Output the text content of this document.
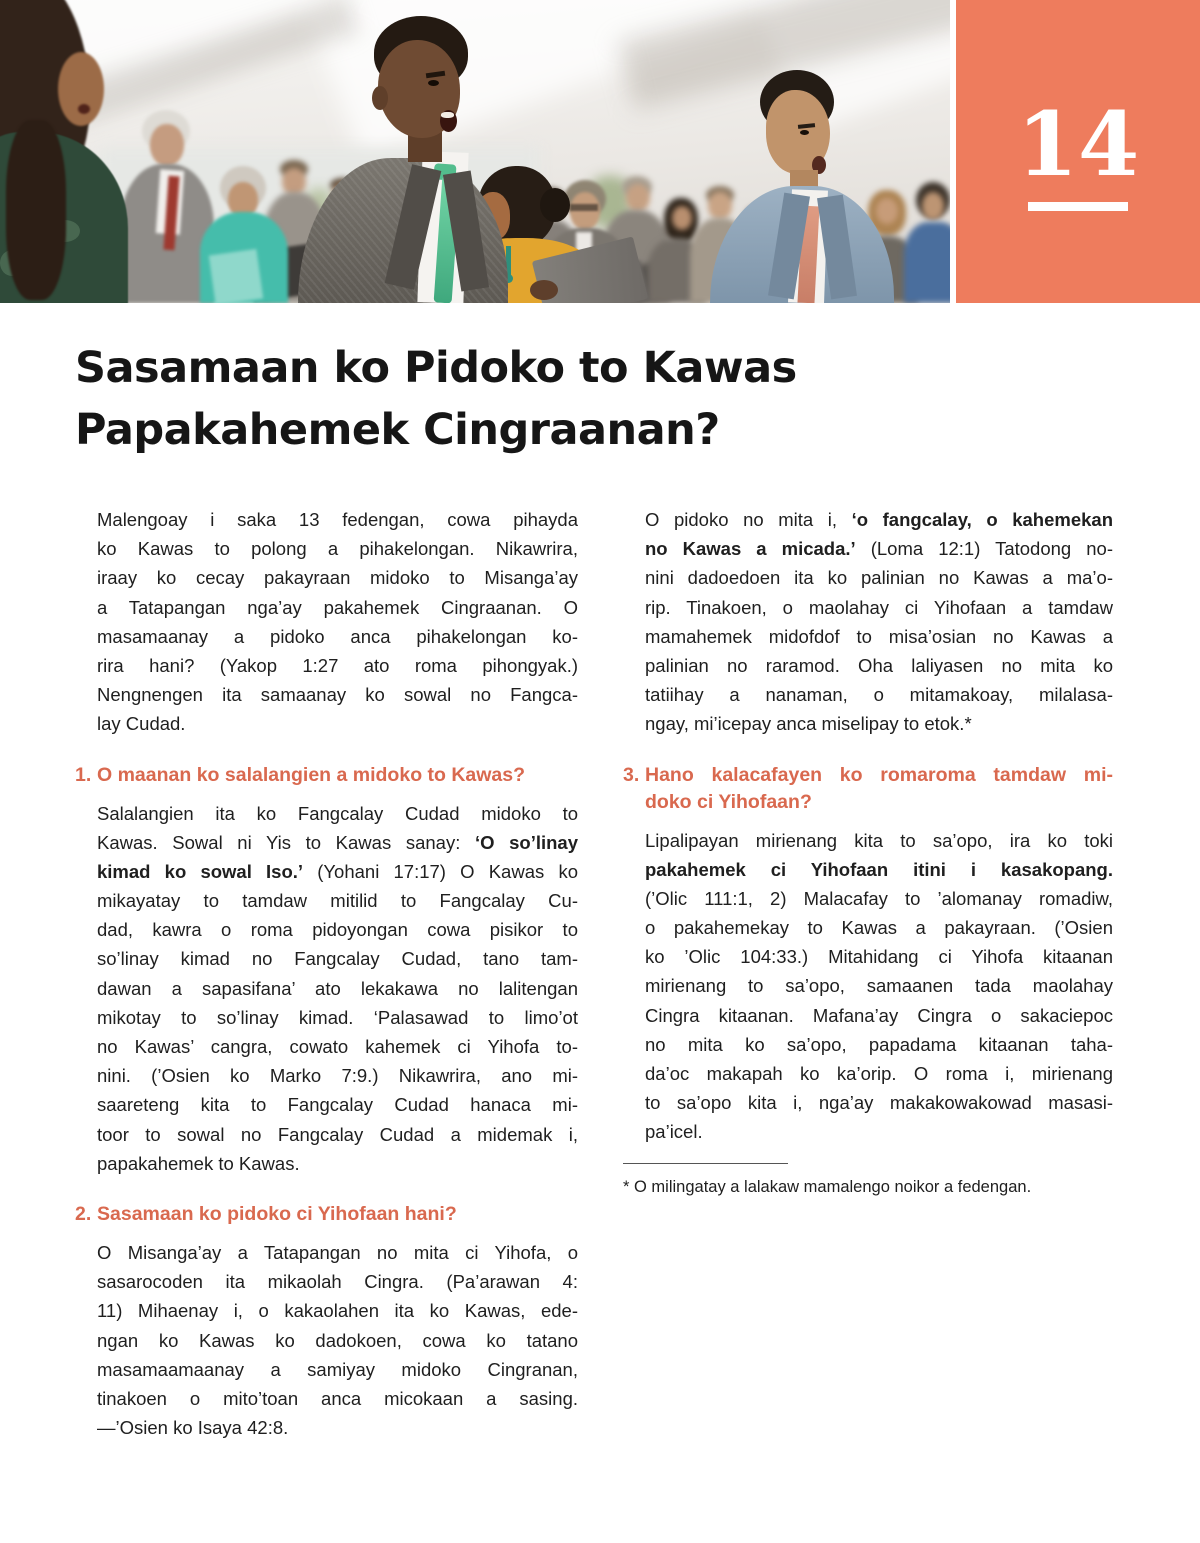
14
Sasamaan ko Pidoko to Kawas
Papakahemek Cingraanan?
Malengoay i saka 13 fedengan, cowa pihayda
ko Kawas to polong a pihakelongan. Nikawrira,
iraay ko cecay pakayraan midoko to Misanga’ay
a Tatapangan nga’ay pakahemek Cingraanan. O
masamaanay a pidoko anca pihakelongan ko-
rira hani? (Yakop 1:27 ato roma pihongyak.)
Nengnengen ita samaanay ko sowal no Fangca-
lay Cudad.
1. O maanan ko salalangien a midoko to Kawas?
Salalangien ita ko Fangcalay Cudad midoko to
Kawas. Sowal ni Yis to Kawas sanay: ‘O so’linay
kimad ko sowal Iso.’ (Yohani 17:17) O Kawas ko
mikayatay to tamdaw mitilid to Fangcalay Cu-
dad, kawra o roma pidoyongan cowa pisikor to
so’linay kimad no Fangcalay Cudad, tano tam-
dawan a sapasifana’ ato lekakawa no lalitengan
mikotay to so’linay kimad. ‘Palasawad to limo’ot
no Kawas’ cangra, cowato kahemek ci Yihofa to-
nini. (’Osien ko Marko 7:9.) Nikawrira, ano mi-
saareteng kita to Fangcalay Cudad hanaca mi-
toor to sowal no Fangcalay Cudad a midemak i,
papakahemek to Kawas.
2. Sasamaan ko pidoko ci Yihofaan hani?
O Misanga’ay a Tatapangan no mita ci Yihofa, o
sasarocoden ita mikaolah Cingra. (Pa’arawan 4:
11) Mihaenay i, o kakaolahen ita ko Kawas, ede-
ngan ko Kawas ko dadokoen, cowa ko tatano
masamaamaanay a samiyay midoko Cingranan,
tinakoen o mito’toan anca micokaan a sasing.
—’Osien ko Isaya 42:8.
O pidoko no mita i, ‘o fangcalay, o kahemekan
no Kawas a micada.’ (Loma 12:1) Tatodong no-
nini dadoedoen ita ko palinian no Kawas a ma’o-
rip. Tinakoen, o maolahay ci Yihofaan a tamdaw
mamahemek midofdof to misa’osian no Kawas a
palinian no raramod. Oha laliyasen no mita ko
tatiihay a nanaman, o mitamakoay, milalasa-
ngay, mi’icepay anca miselipay to etok.*
3. Hano kalacafayen ko romaroma tamdaw mi-
doko ci Yihofaan?
Lipalipayan mirienang kita to sa’opo, ira ko toki
pakahemek ci Yihofaan itini i kasakopang.
(’Olic 111:1, 2) Malacafay to ’alomanay romadiw,
o pakahemekay to Kawas a pakayraan. (’Osien
ko ’Olic 104:33.) Mitahidang ci Yihofa kitaanan
mirienang to sa’opo, samaanen tada maolahay
Cingra kitaanan. Mafana’ay Cingra o sakaciepoc
no mita ko sa’opo, papadama kitaanan taha-
da’oc makapah ko ka’orip. O roma i, mirienang
to sa’opo kita i, nga’ay makakowakowad masasi-
pa’icel.
* O milingatay a lalakaw mamalengo noikor a fedengan.
